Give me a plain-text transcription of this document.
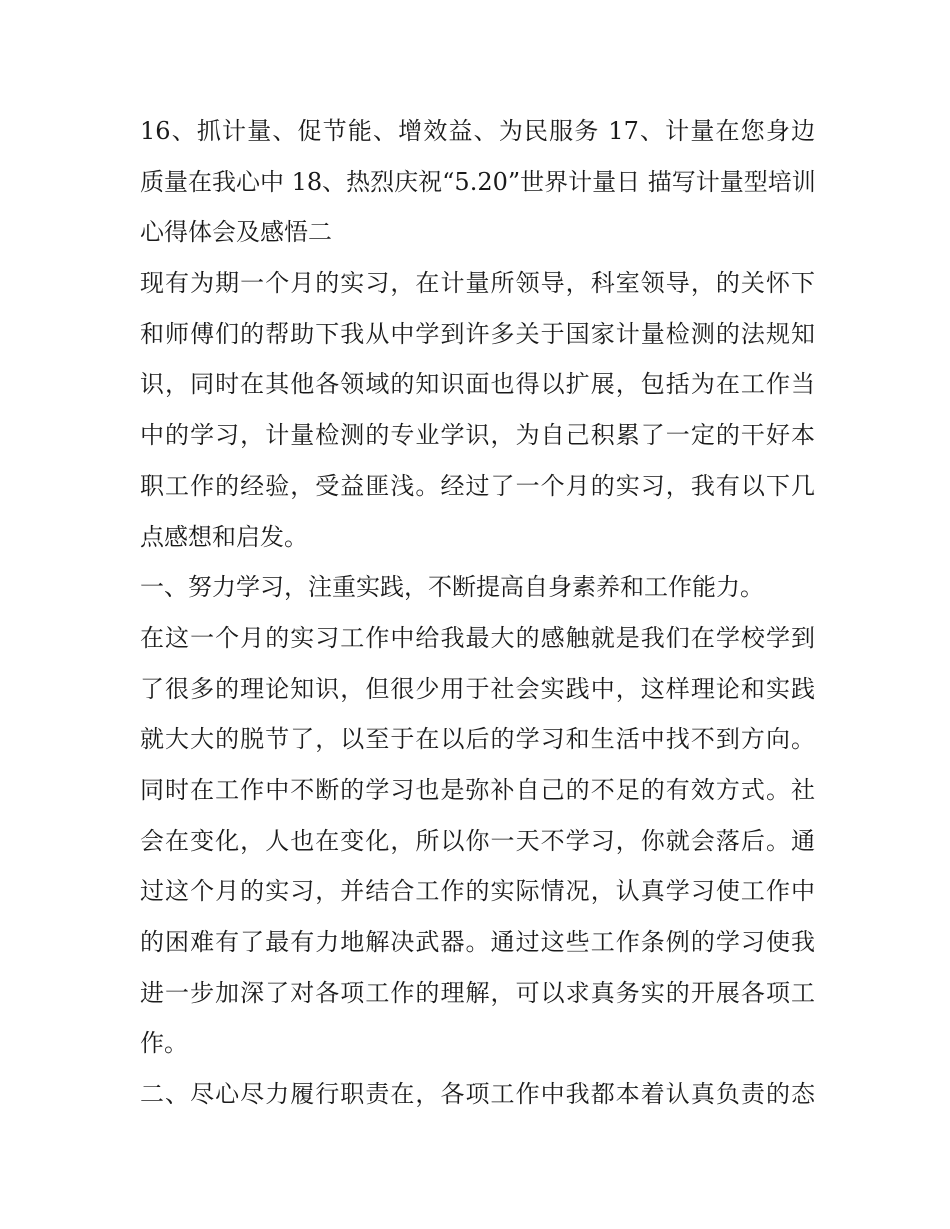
16、抓计量、促节能、增效益、为民服务 17、计量在您身边
质量在我心中 18、热烈庆祝“5.20”世界计量日 描写计量型培训
心得体会及感悟二
现有为期一个月的实习，在计量所领导，科室领导，的关怀下
和师傅们的帮助下我从中学到许多关于国家计量检测的法规知
识，同时在其他各领域的知识面也得以扩展，包括为在工作当
中的学习，计量检测的专业学识，为自己积累了一定的干好本
职工作的经验，受益匪浅。经过了一个月的实习，我有以下几
点感想和启发。
一、努力学习，注重实践，不断提高自身素养和工作能力。
在这一个月的实习工作中给我最大的感触就是我们在学校学到
了很多的理论知识，但很少用于社会实践中，这样理论和实践
就大大的脱节了，以至于在以后的学习和生活中找不到方向。
同时在工作中不断的学习也是弥补自己的不足的有效方式。社
会在变化，人也在变化，所以你一天不学习，你就会落后。通
过这个月的实习，并结合工作的实际情况，认真学习使工作中
的困难有了最有力地解决武器。通过这些工作条例的学习使我
进一步加深了对各项工作的理解，可以求真务实的开展各项工
作。
二、尽心尽力履行职责在，各项工作中我都本着认真负责的态
